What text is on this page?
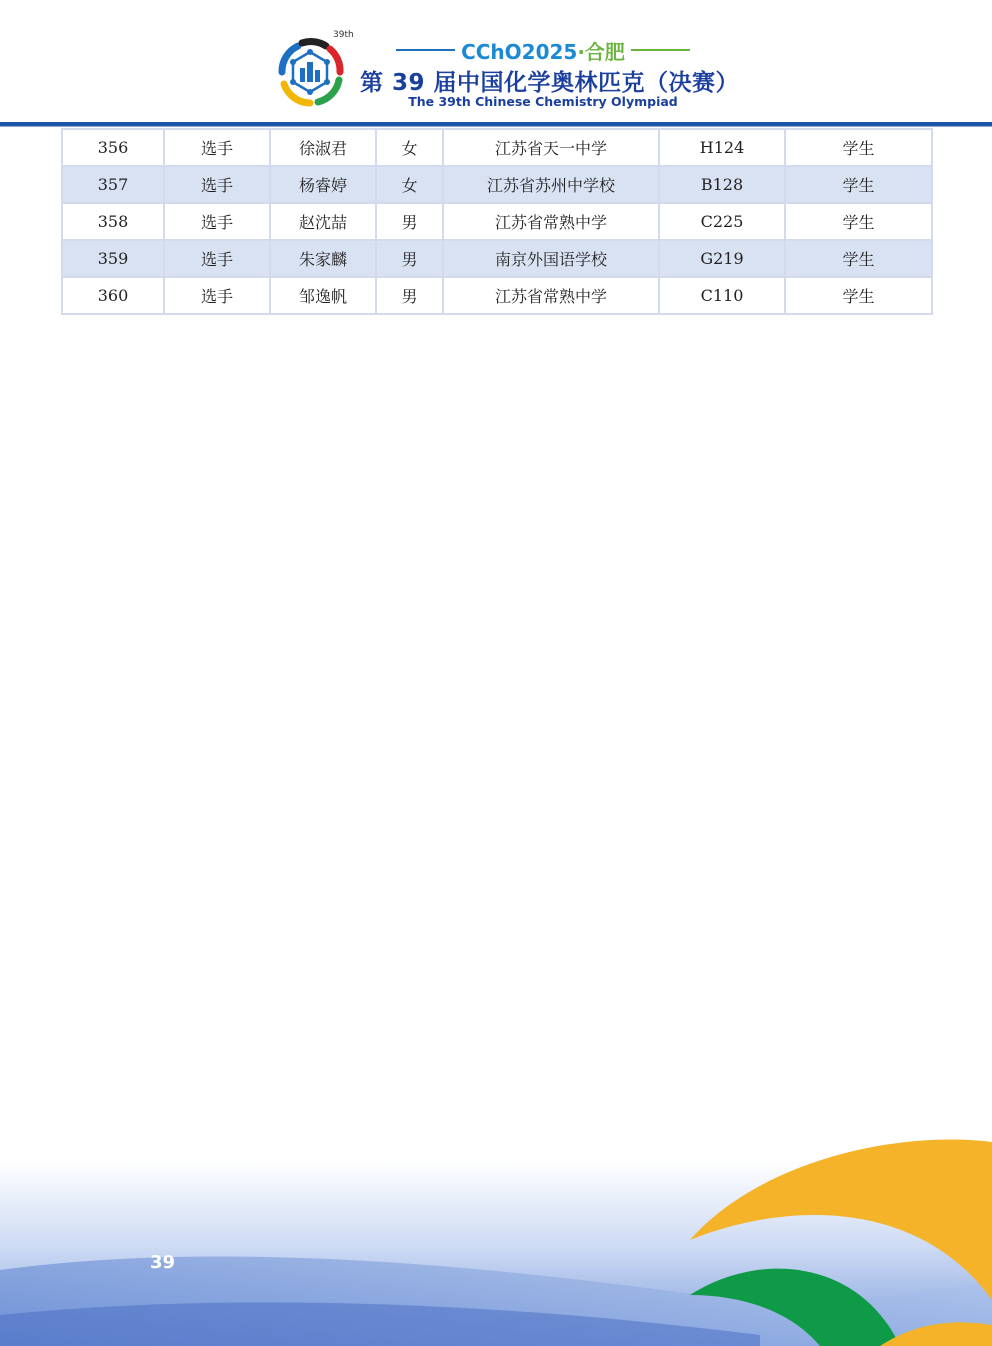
39th
CChO2025·合肥
第 39 届中国化学奥林匹克（决赛）
The 39th Chinese Chemistry Olympiad
356	选手	徐淑君	女	江苏省天一中学	H124	学生
357	选手	杨睿婷	女	江苏省苏州中学校	B128	学生
358	选手	赵沈喆	男	江苏省常熟中学	C225	学生
359	选手	朱家麟	男	南京外国语学校	G219	学生
360	选手	邹逸帆	男	江苏省常熟中学	C110	学生
39
